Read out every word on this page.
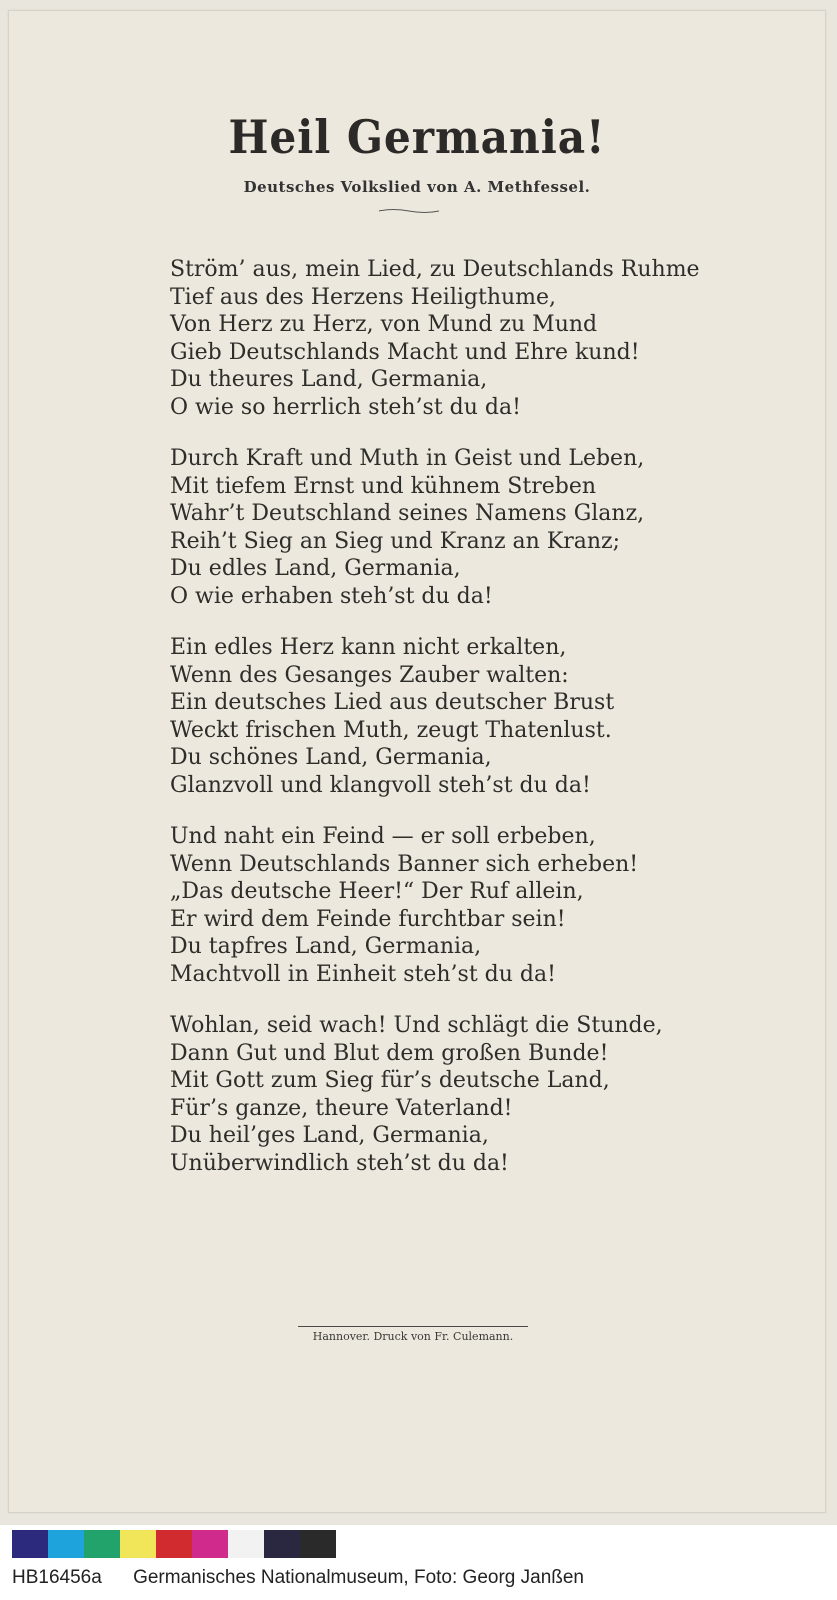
Heil Germania!
Deutsches Volkslied von A. Methfessel.
Ström’ aus, mein Lied, zu Deutschlands Ruhme
Tief aus des Herzens Heiligthume,
Von Herz zu Herz, von Mund zu Mund
Gieb Deutschlands Macht und Ehre kund!
Du theures Land, Germania,
O wie so herrlich steh’st du da!
Durch Kraft und Muth in Geist und Leben,
Mit tiefem Ernst und kühnem Streben
Wahr’t Deutschland seines Namens Glanz,
Reih’t Sieg an Sieg und Kranz an Kranz;
Du edles Land, Germania,
O wie erhaben steh’st du da!
Ein edles Herz kann nicht erkalten,
Wenn des Gesanges Zauber walten:
Ein deutsches Lied aus deutscher Brust
Weckt frischen Muth, zeugt Thatenlust.
Du schönes Land, Germania,
Glanzvoll und klangvoll steh’st du da!
Und naht ein Feind — er soll erbeben,
Wenn Deutschlands Banner sich erheben!
„Das deutsche Heer!“ Der Ruf allein,
Er wird dem Feinde furchtbar sein!
Du tapfres Land, Germania,
Machtvoll in Einheit steh’st du da!
Wohlan, seid wach! Und schlägt die Stunde,
Dann Gut und Blut dem großen Bunde!
Mit Gott zum Sieg für’s deutsche Land,
Für’s ganze, theure Vaterland!
Du heil’ges Land, Germania,
Unüberwindlich steh’st du da!
Hannover. Druck von Fr. Culemann.
HB16456a Germanisches Nationalmuseum, Foto: Georg Janßen
